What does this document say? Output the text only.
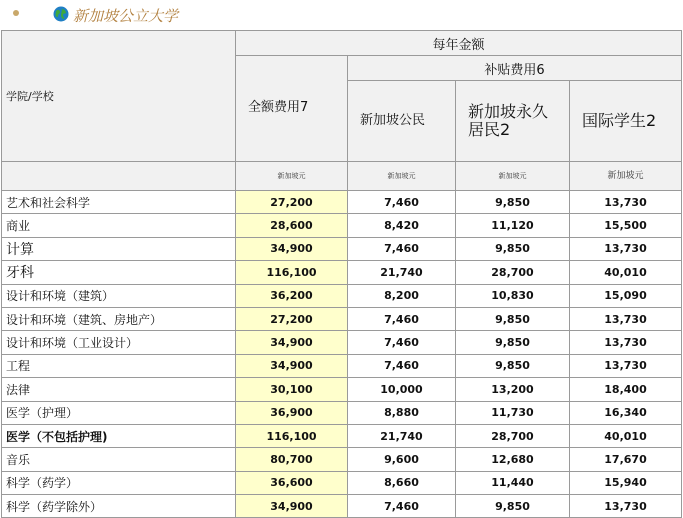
新加坡公立大学
学院/学校	每年金额			

	全额费用7	补贴费用6		

		新加坡公民	新加坡永久居民2	国际学生2

	新加坡元	新加坡元	新加坡元	新加坡元
艺术和社会科学	27,200	7,460	9,850	13,730
商业	28,600	8,420	11,120	15,500
计算	34,900	7,460	9,850	13,730
牙科	116,100	21,740	28,700	40,010
设计和环境（建筑）	36,200	8,200	10,830	15,090
设计和环境（建筑、房地产）	27,200	7,460	9,850	13,730
设计和环境（工业设计）	34,900	7,460	9,850	13,730
工程	34,900	7,460	9,850	13,730
法律	30,100	10,000	13,200	18,400
医学（护理）	36,900	8,880	11,730	16,340
医学（不包括护理)	116,100	21,740	28,700	40,010
音乐	80,700	9,600	12,680	17,670
科学（药学）	36,600	8,660	11,440	15,940
科学（药学除外）	34,900	7,460	9,850	13,730
